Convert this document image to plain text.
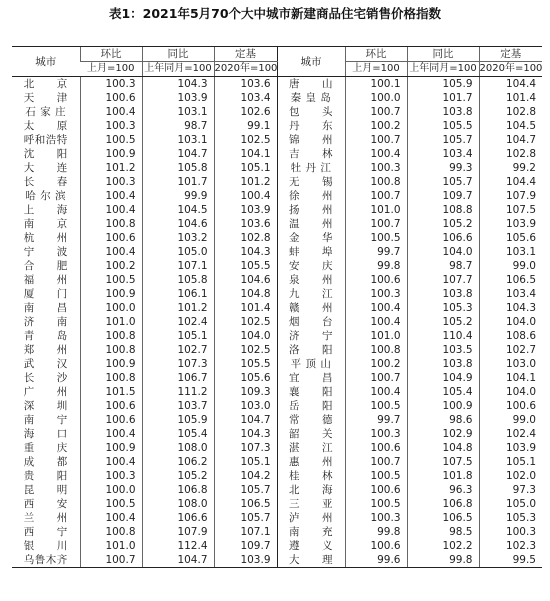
表1：2021年5月70个大中城市新建商品住宅销售价格指数
城市	环比	同比	定基	城市	环比	同比	定基
	上月=100	上年同月=100	2020年=100		上月=100	上年同月=100	2020年=100
北　　京	100.3	104.3	103.6	唐　　山	100.1	105.9	104.4
天　　津	100.6	103.9	103.4	秦 皇 岛	100.0	101.7	101.4
石 家 庄	100.4	103.1	102.6	包　　头	100.7	103.8	102.8
太　　原	100.3	98.7	99.1	丹　　东	100.2	105.5	104.5
呼和浩特	100.5	103.1	102.5	锦　　州	100.7	105.7	104.7
沈　　阳	100.9	104.7	104.1	吉　　林	100.4	103.4	102.8
大　　连	101.2	105.8	105.1	牡 丹 江	100.3	99.3	99.2
长　　春	100.3	101.7	101.2	无　　锡	100.8	105.7	104.4
哈 尔 滨	100.4	99.9	100.4	徐　　州	100.7	109.7	107.9
上　　海	100.4	104.5	103.9	扬　　州	101.0	108.8	107.5
南　　京	100.8	104.6	103.6	温　　州	100.7	105.2	103.9
杭　　州	100.6	103.2	102.8	金　　华	100.5	106.6	105.6
宁　　波	100.4	105.0	104.3	蚌　　埠	99.7	104.0	103.1
合　　肥	100.2	107.1	105.5	安　　庆	99.8	98.7	99.0
福　　州	100.5	105.8	104.6	泉　　州	100.6	107.7	106.5
厦　　门	100.9	106.1	104.8	九　　江	100.3	103.8	103.4
南　　昌	100.0	101.2	101.4	赣　　州	100.4	105.3	104.3
济　　南	101.0	102.4	102.5	烟　　台	100.4	105.2	104.0
青　　岛	100.8	105.1	104.0	济　　宁	101.0	110.4	108.6
郑　　州	100.8	102.7	102.5	洛　　阳	100.8	103.5	102.7
武　　汉	100.9	107.3	105.5	平 顶 山	100.2	103.8	103.0
长　　沙	100.8	106.7	105.6	宜　　昌	100.7	104.9	104.1
广　　州	101.5	111.2	109.3	襄　　阳	100.4	105.4	104.0
深　　圳	100.6	103.7	103.0	岳　　阳	100.5	100.9	100.6
南　　宁	100.6	105.9	104.7	常　　德	99.7	98.6	99.0
海　　口	100.4	105.4	104.3	韶　　关	100.3	102.9	102.4
重　　庆	100.9	108.0	107.3	湛　　江	100.6	104.8	103.9
成　　都	100.4	106.2	105.1	惠　　州	100.7	107.5	105.1
贵　　阳	100.3	105.2	104.2	桂　　林	100.5	101.8	102.0
昆　　明	100.0	106.8	105.7	北　　海	100.6	96.3	97.3
西　　安	100.5	108.0	106.5	三　　亚	100.5	106.8	105.0
兰　　州	100.4	106.6	105.7	泸　　州	100.3	106.5	105.3
西　　宁	100.8	107.9	107.1	南　　充	99.8	98.5	100.3
银　　川	101.0	112.4	109.7	遵　　义	100.6	102.2	102.3
乌鲁木齐	100.7	104.7	103.9	大　　理	99.6	99.8	99.5
